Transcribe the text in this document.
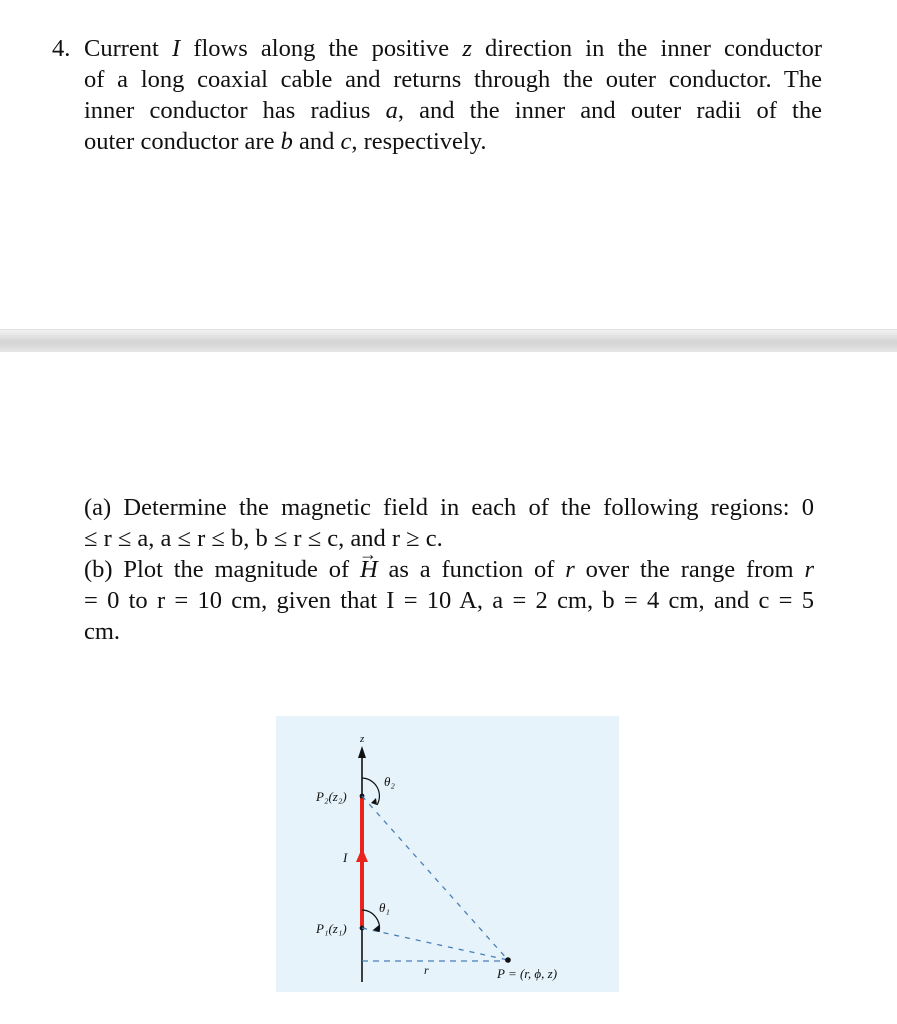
4. Current I flows along the positive z direction in the inner conductor
of a long coaxial cable and returns through the outer conductor. The
inner conductor has radius a, and the inner and outer radii of the
outer conductor are b and c, respectively.
(a) Determine the magnetic field in each of the following regions: 0
≤ r ≤ a, a ≤ r ≤ b, b ≤ r ≤ c, and r ≥ c.
(b) Plot the magnitude of → H as a function of r over the range from r
= 0 to r = 10 cm, given that I = 10 A, a = 2 cm, b = 4 cm, and c = 5
cm.
z
I
P₂(z₂)
P₁(z₁)
θ₂
θ₁
r	P = (r, ϕ, z)
